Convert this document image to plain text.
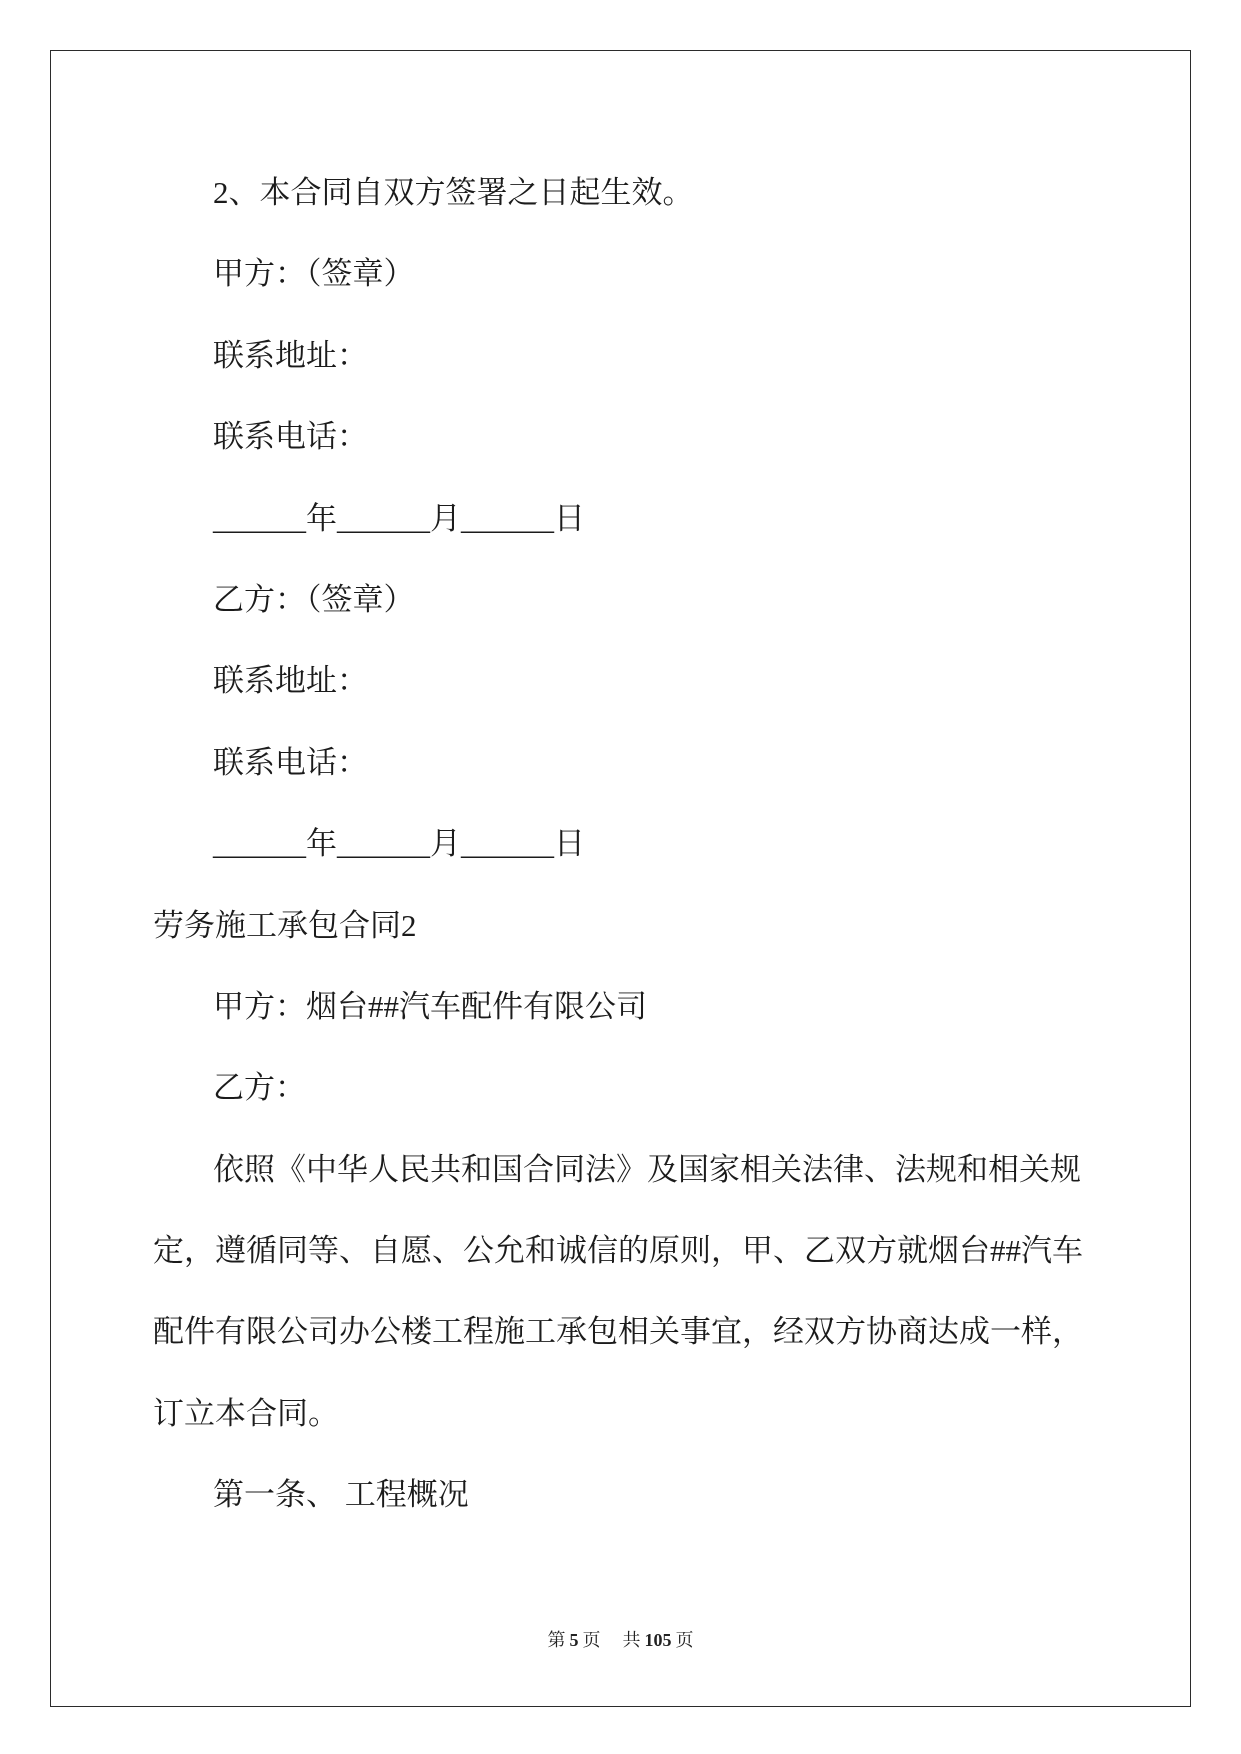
2、本合同自双方签署之日起生效。
甲方：（签章）
联系地址：
联系电话：
______年______月______日
乙方：（签章）
联系地址：
联系电话：
______年______月______日
劳务施工承包合同2
甲方：烟台##汽车配件有限公司
乙方：
依照《中华人民共和国合同法》及国家相关法律、法规和相关规
定，遵循同等、自愿、公允和诚信的原则，甲、乙双方就烟台##汽车
配件有限公司办公楼工程施工承包相关事宜，经双方协商达成一样，
订立本合同。
第一条、 工程概况
第 5 页 共 105 页
